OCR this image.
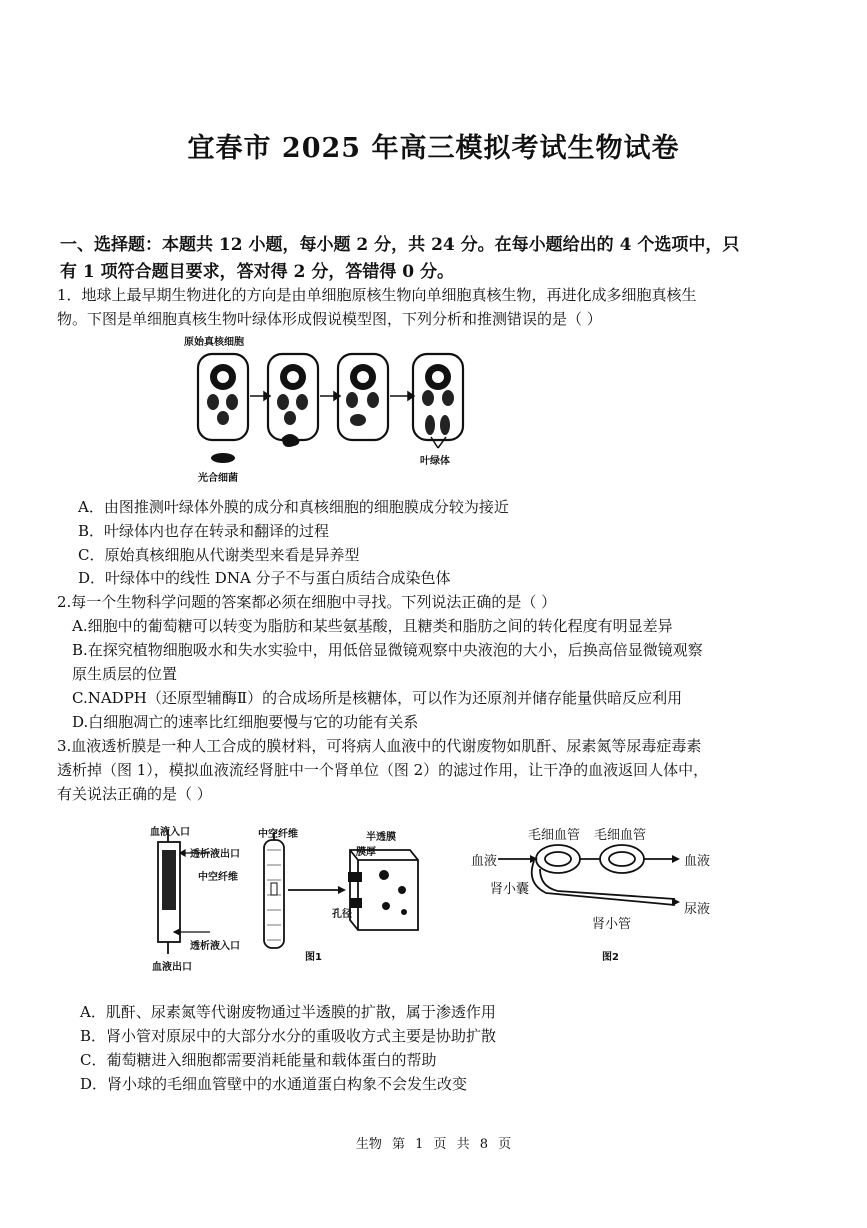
宜春市 2025 年高三模拟考试生物试卷
一、选择题：本题共 12 小题，每小题 2 分，共 24 分。在每小题给出的 4 个选项中，只
有 1 项符合题目要求，答对得 2 分，答错得 0 分。
1．地球上最早期生物进化的方向是由单细胞原核生物向单细胞真核生物，再进化成多细胞真核生
物。下图是单细胞真核生物叶绿体形成假说模型图，下列分析和推测错误的是（ ）
原始真核细胞
光合细菌
叶绿体
A．由图推测叶绿体外膜的成分和真核细胞的细胞膜成分较为接近
B．叶绿体内也存在转录和翻译的过程
C．原始真核细胞从代谢类型来看是异养型
D．叶绿体中的线性 DNA 分子不与蛋白质结合成染色体
2.每一个生物科学问题的答案都必须在细胞中寻找。下列说法正确的是（ ）
A.细胞中的葡萄糖可以转变为脂肪和某些氨基酸，且糖类和脂肪之间的转化程度有明显差异
B.在探究植物细胞吸水和失水实验中，用低倍显微镜观察中央液泡的大小，后换高倍显微镜观察
原生质层的位置
C.NADPH（还原型辅酶Ⅱ）的合成场所是核糖体，可以作为还原剂并储存能量供暗反应利用
D.白细胞凋亡的速率比红细胞要慢与它的功能有关系
3.血液透析膜是一种人工合成的膜材料，可将病人血液中的代谢废物如肌酐、尿素氮等尿毒症毒素
透析掉（图 1），模拟血液流经肾脏中一个肾单位（图 2）的滤过作用，让干净的血液返回人体中，
有关说法正确的是（ ）
血液入口
透析液出口
中空纤维
透析液入口
血液出口
中空纤维	半透膜
膜厚
孔径
图1
毛细血管 毛细血管
血液	血液
肾小囊
肾小管
尿液
图2
A．肌酐、尿素氮等代谢废物通过半透膜的扩散，属于渗透作用
B．肾小管对原尿中的大部分水分的重吸收方式主要是协助扩散
C．葡萄糖进入细胞都需要消耗能量和载体蛋白的帮助
D．肾小球的毛细血管壁中的水通道蛋白构象不会发生改变
生物 第 1 页 共 8 页
